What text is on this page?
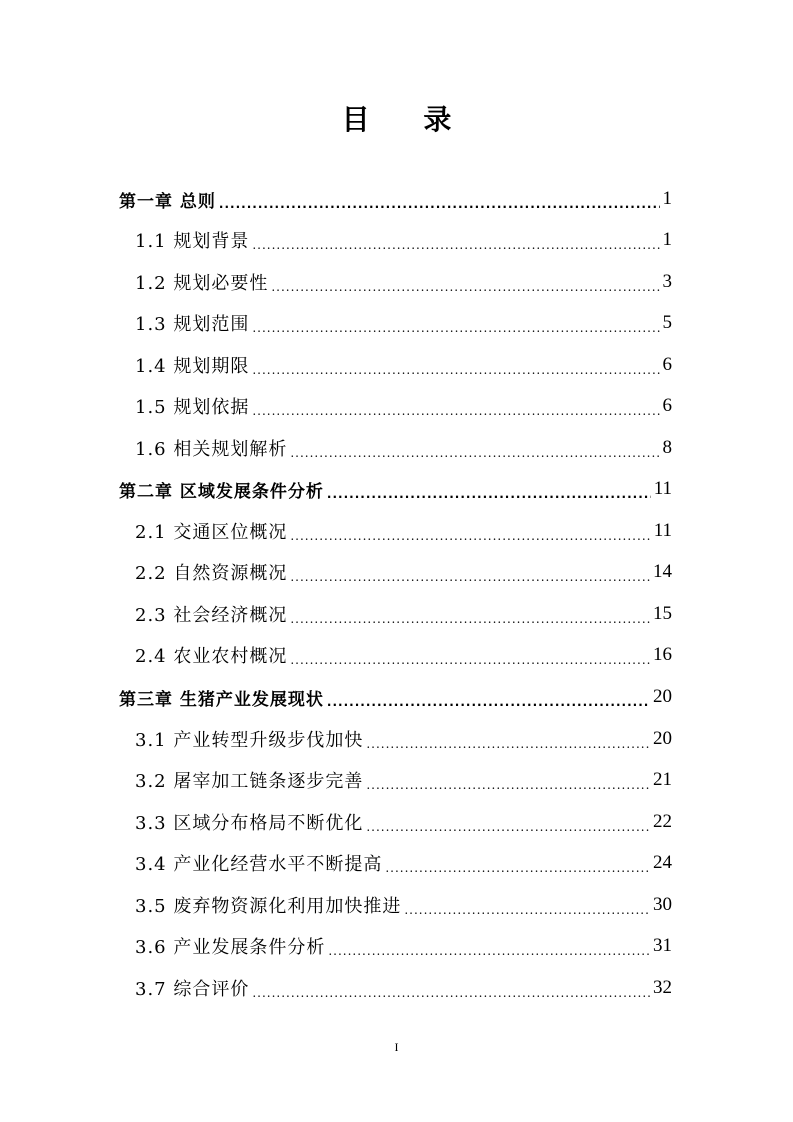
目 录
第一章 总则 .....	1
1.1 规划背景 .....	1
1.2 规划必要性 .....	3
1.3 规划范围 .....	5
1.4 规划期限 .....	6
1.5 规划依据 .....	6
1.6 相关规划解析 .....	8
第二章 区域发展条件分析 .....	11
2.1 交通区位概况 .....	11
2.2 自然资源概况 .....	14
2.3 社会经济概况 .....	15
2.4 农业农村概况 .....	16
第三章 生猪产业发展现状 .....	20
3.1 产业转型升级步伐加快 .....	20
3.2 屠宰加工链条逐步完善 .....	21
3.3 区域分布格局不断优化 .....	22
3.4 产业化经营水平不断提高 .....	24
3.5 废弃物资源化利用加快推进 .....	30
3.6 产业发展条件分析 .....	31
3.7 综合评价 .....	32
I
